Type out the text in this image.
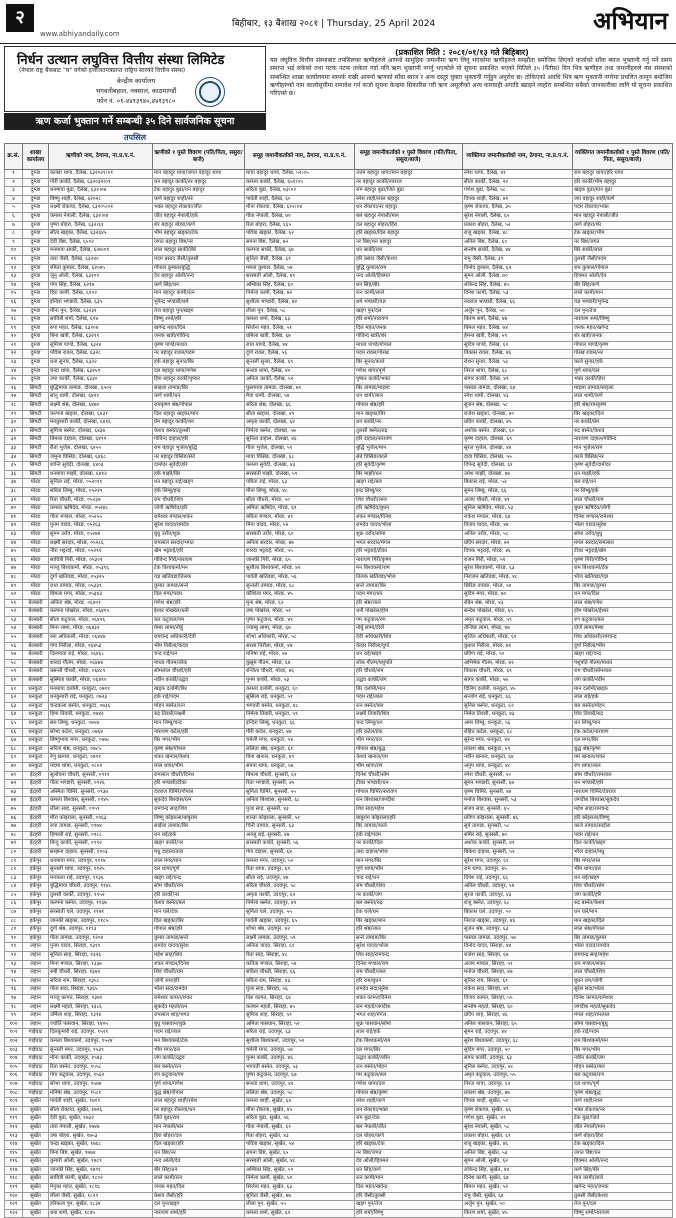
२
www.abhiyandaily.com
बिहीबार, १३ बैशाख २०८१ | Thursday, 25 April 2024	अभियान
निर्धन उत्थान लघुवित्त वित्तीय संस्था लिमिटेड
(नेपाल राष्ट्र बैंकबाट "घ" वर्गको इजाजतपत्रप्राप्त राष्ट्रिय स्तरको वित्तीय संस्था)
केन्द्रीय कार्यालय
भगवतीबहाल, नक्साल, काठमाण्डौं
फोन नं. ०१-४४१३९४०,४४१३९८०
(प्रकाशित मिति : २०८१/०१/१३ गते बिहिबार)
यस लघुवित्त वित्तीय संस्थाबाट तपसिलका ऋणीहरुले आफ्नो सामूहिक जमानीमा ऋण लिनु भएकोमा ऋणीहरुले सम्झौता बमोजिम लिएको कर्जाको साँवा ब्याज भुक्तानी गर्नु पर्ने समय समाप्त भई सकेको तथा पटक पटक ताकेता गर्दा पनि ऋण भुक्तानी नगर्नु भएकोले यो सूचना प्रकाशित भएको मितिले ३५ (पैंतीस) दिन भित्र ऋणीहरु तथा जमानीहरुले यस संस्थाको सम्बन्धित शाखा कार्यालयमा सम्पर्क राखी आफ्नो ऋणको साँवा ब्याज र अन्य दस्तुर चुक्ता भुक्तानी गर्नुहुन अनुरोध छ। तोकिएको अवधि भित्र ऋण भुक्तानी नगरेमा प्रचलित कानून बमोजिम ऋणीहरुको नाम कालोसूचीमा समावेश गर्न कर्जा सूचना केन्द्रमा सिफारिस गरी ऋण असूलीको अन्य कारवाही अगाडि बढाइने व्यहोरा सम्बन्धित सबैको जानकारीका लागि यो सूचना प्रकाशित गरिएको छ।
ऋण कर्जा भुक्तान गर्ने सम्बन्धी ३५ दिने सार्वजनिक सूचना
तपसिल
क्र.सं.	शाखा कार्यालय	ऋणीको नाम, ठेगाना, ना.प्र.प.नं.	ऋणीको १ पुस्ते विवरण (पति/पिता, ससुरा/बाजे)	समूह जमानीकर्ताको नाम, ठेगाना, ना.प्र.प.नं.	समूह जमानीकर्ताको १ पुस्ते विवरण (पति/पिता, ससुरा/बाजे)	व्यक्तिगत जमानीकर्ताको नाम, ठेगाना, ना.प्र.प.नं.	व्यक्तिगत जमानीकर्ताको १ पुस्ते विवरण (पति/पिता, ससुरा/बाजे)
१	दुम्जा	कान्छा थापा, दैलेख, ६३२०२१।०१	मान बहादुर थापा/जगत बहादुर थापा	माया बहादुर थापा, दैलेख, ५२।०५	उत्तम बहादुर थापा/मान बहादुर	रमेश थापा, दैलेख, ४१	राम बहादुर थापा/हरि थापा
२	दुम्जा	गोरी कार्की, दैलेख, ६३२०३२।०१	धन बहादुर कार्की/नर बहादुर	कमला कार्की, दैलेख, ६५१।०५	नर बहादुर कार्की/नवराज	सीता कार्की, दैलेख, २२	हरि कार्की/भीम बहादुर
३	दुम्जा	धनमाया बुढा, दैलेख, ६३२।०७	टेक बहादुर बुढा/धन बहादुर	सरिता बुढा, दैलेख, ७३।०२	राम बहादुर बुढा/जिते बुढा	गणेश बुढा, दैलेख, ५८	खड्क बुढा/मान बुढा
४	दुम्जा	बिष्णु शाही, दैलेख, ६२०२८	कर्ण बहादुर शाही/नरे	पार्वती शाही, दैलेख, ६०	रमेश शाही/लाल बहादुर	दिपक शाही, दैलेख, ७१	जय बहादुर शाही/कर्ण
५	दुम्जा	लक्ष्मी रोकाया, दैलेख, ६३१०५।०१	भक्त बहादुर रोकाया/जीत	मीना रोकाया, दैलेख, ६१२।०४	धन रोकाया/नर बहादुर	कृष्ण रोकाया, दैलेख, ३५	पदम रोकाया/भक्त
६	दुम्जा	कमला नेपाली, दैलेख, ६३२।०४	जीत बहादुर नेपाली/हर्क	गीता नेपाली, दैलेख, ७०	बल बहादुर नेपाली/मान	सुरेश नेपाली, दैलेख, ६५	मान बहादुर नेपाली/जीत
७	दुम्जा	पुष्पा बोहरा, दैलेख, ६३२।६१	शेर बहादुर बोहरा/कर्ण	रिता बोहरा, दैलेख, ६६५	दल बहादुर बोहरा/हिरा	प्रकाश बोहरा, दैलेख, ५२	कर्ण बोहरा/शेर
८	दुम्जा	सीता खड्का, दैलेख, ६३२६४५	भीम बहादुर खड्का/टेक	पवित्रा खड्का, दैलेख, ६२	हरि खड्का/दिल बहादुर	राजु खड्का, दैलेख, ४८	टेक खड्का/भीम
९	दुम्जा	देवी बिष्ट, दैलेख, ६५१२	जगत बहादुर बिष्ट/नर	सपना बिष्ट, दैलेख, ७२	नर बिष्ट/धन बहादुर	अनिल बिष्ट, दैलेख, ६०	नर बिष्ट/जगत
१०	दुम्जा	मनमाया सार्की, दैलेख, ६२७।०१	लाल बहादुर सार्की/बिरे	कल्पना सार्की, दैलेख, ६७	धन सार्की/राम	सन्तोष सार्की, दैलेख, ४४	बिरे सार्की/लाल
११	दुम्जा	तारा जैसी, दैलेख, ६३२४०	पदम प्रसाद जैसी/तुलसी	सुनिता जैसी, दैलेख, ६१	हरि प्रसाद जैसी/केशव	रामु जैसी, दैलेख, ३९	तुलसी जैसी/पदम
१२	दुम्जा	रमिता कुमाल, दैलेख, ६२०४५	गोपाल कुमाल/बुद्धि	ममता कुमाल, दैलेख, ५४	बुद्धि कुमाल/राम	विनोद कुमाल, दैलेख, ६२	राम कुमाल/गोपाल
१३	दुम्जा	जुनु ओली, दैलेख, ६३२०९	देव बहादुर ओली/नन्द	सरस्वती ओली, दैलेख, ४१	नन्द ओली/हिक्मत	सुमन ओली, दैलेख, ७०	हिक्मत ओली/देव
१४	दुम्जा	गंगा सिंह, दैलेख, ६२१७	कर्ण सिंह/धन	अम्बिका सिंह, दैलेख, ६०	धन सिंह/बीर	लोकेन्द्र सिंह, दैलेख, ४५	बीर सिंह/कर्ण
१५	दुम्जा	हिरा कामी, दैलेख, ६१०२	मान बहादुर कामी/रत्न	निर्मला कामी, दैलेख, ७२	रत्न कामी/लाले	दिनेश कामी, दैलेख, ५३	लाले कामी/मान
१६	दुम्जा	इन्दिरा भण्डारी, दैलेख, ६३५	भुपेन्द्र भण्डारी/धर्म	सुशीला भण्डारी, दैलेख, ४२	धर्म भण्डारी/यज्ञ	नवराज भण्डारी, दैलेख, ६६	यज्ञ भण्डारी/भुपेन्द्र
१७	दुम्जा	मीना पुन, दैलेख, ६३२३१	तेज बहादुर पुन/खड्ग	लीला पुन, दैलेख, ५८	खड्ग पुन/दल	अर्जुन पुन, दैलेख, ५०	दल पुन/तेज
१८	दुम्जा	सावित्री शर्मा, दैलेख, ६१४	विष्णु शर्मा/हरि	कमला शर्मा, दैलेख, ६३	हरि शर्मा/नारायण	किरण शर्मा, दैलेख, ४७	नारायण शर्मा/विष्णु
१९	दुम्जा	रुपा महत, दैलेख, ६३२०४	खगेन्द्र महत/दिल	सिर्जना महत, दैलेख, ५१	दिल महत/जनक	बिमल महत, दैलेख, ७४	जनक महत/खगेन्द्र
२०	दुम्जा	बिना खत्री, दैलेख, ६३२११	जनक खत्री/गोविन्द	प्रमिला खत्री, दैलेख, ६७	गोविन्द खत्री/शेर	हेमन्त खत्री, दैलेख, ५९	शेर खत्री/जनक
२१	दुम्जा	सुमित्रा पाण्डे, दैलेख, ६३२४	कृष्ण पाण्डे/माधव	राधा पाण्डे, दैलेख, ४४	माधव पाण्डे/गोपाल	सुदिप पाण्डे, दैलेख, ६१	गोपाल पाण्डे/कृष्ण
२२	दुम्जा	पवित्रा रावल, दैलेख, ६३२८	नर बहादुर रावल/पदम	दुर्गा रावल, दैलेख, ५६	पदम रावल/गोरख	विकास रावल, दैलेख, ४६	गोरख रावल/नर
२३	दुम्जा	धना सुनार, दैलेख, ६३२२	हर्क बहादुर सुनार/बिर	सुन्तली सुनार, दैलेख, ६९	बिर सुनार/काले	रोशन सुनार, दैलेख, ५३	काले सुनार/हर्क
२४	दुम्जा	चन्द्रा थापा, दैलेख, ६३२५९	दल बहादुर थापा/गणेश	सन्ध्या थापा, दैलेख, ४०	गणेश थापा/पूर्ण	निरज थापा, दैलेख, ६८	पूर्ण थापा/दल
२५	दुम्जा	उमा कार्की, दैलेख, ६३३०	हिरा बहादुर कार्की/पुष्कर	अनिता कार्की, दैलेख, ५२	पुष्कर कार्की/भक्त	सागर कार्की, दैलेख, ४९	भक्त कार्की/हिरा
२६	सिंगटी	बुद्धिमाया तामाङ, दोलखा, ६५०२	साइला तामाङ/बिर	फुलमाया तामाङ, दोलखा, ७१	बिर तामाङ/माइला	पासाङ तामाङ, दोलखा, ६४	माइला तामाङ/साइला
२७	सिंगटी	सानु थामी, दोलखा, ६४२१	कर्ण थामी/धन	मैया थामी, दोलखा, ५४	धन थामी/लाल	रमेश थामी, दोलखा, ४३	लाल थामी/कर्ण
२८	सिंगटी	लक्ष्मी श्रेष्ठ, दोलखा, ६४७०	रामकृष्ण श्रेष्ठ/गोपाल	सरिता श्रेष्ठ, दोलखा, ६६	गोपाल श्रेष्ठ/हरि	सुजन श्रेष्ठ, दोलखा, ५८	हरि श्रेष्ठ/रामकृष्ण
२९	सिंगटी	कल्पना खड्का, दोलखा, ६४३१	दिल बहादुर खड्का/मान	सीता खड्का, दोलखा, ४९	मान खड्का/बिर	राजेश खड्का, दोलखा, ७०	बिर खड्का/दिल
३०	सिंगटी	मनकुमारी कार्की, दोलखा, ६४१६	प्रेम बहादुर कार्की/धन	अमृता कार्की, दोलखा, ६२	धन कार्की/नर	प्रविन कार्की, दोलखा, ४५	नर कार्की/प्रेम
३१	सिंगटी	सुमित्रा बस्नेत, दोलखा, ६४३७	केशव बस्नेत/तुलसी	निर्मला बस्नेत, दोलखा, ५७	तुलसी बस्नेत/रुद्र	अशोक बस्नेत, दोलखा, ६०	रुद्र बस्नेत/केशव
३२	सिंगटी	बिमला दाहाल, दोलखा, ६४९९	गोविन्द दाहाल/हरि	सुनिता दाहाल, दोलखा, ४६	हरि दाहाल/नारायण	कृष्ण दाहाल, दोलखा, ६९	नारायण दाहाल/गोविन्द
३३	सिंगटी	रीता भुजेल, दोलखा, ६४५५	राम बहादुर भुजेल/बुद्धि	गीता भुजेल, दोलखा, ५१	बुद्धि भुजेल/मान	सुरज भुजेल, दोलखा, ४४	मान भुजेल/राम
३४	सिंगटी	जमुना घिसिङ, दोलखा, ६४६८	नर बहादुर घिसिङ/सेते	माया घिसिङ, दोलखा, ६८	सेते घिसिङ/काले	दावा घिसिङ, दोलखा, ५५	काले घिसिङ/नर
३५	सिंगटी	शान्ति सुवेदी, दोलखा, ६४०३	दामोदर सुवेदी/हरि	कमला सुवेदी, दोलखा, ४३	हरि सुवेदी/कृष्ण	दिपेन्द्र सुवेदी, दोलखा, ६१	कृष्ण सुवेदी/दामोदर
३६	सिंगटी	धनमाया माझी, दोलखा, ६४१२	हर्क माझी/बिर	सरस्वती माझी, दोलखा, ५९	बिर माझी/धन	उमेश माझी, दोलखा, ४७	धन माझी/हर्क
३७	मोरङ	सुनिता राई, मोरङ, ०५२०११	धन बहादुर राई/खड्ग	पबिता राई, मोरङ, ६३	खड्ग राई/बल	बिकास राई, मोरङ, ५२	बल राई/धन
३८	मोरङ	सरिता लिम्बु, मोरङ, ०५२२९	हर्क लिम्बु/इन्द्र	मीना लिम्बु, मोरङ, ४८	इन्द्र लिम्बु/नर	सुमन लिम्बु, मोरङ, ६६	नर लिम्बु/हर्क
३९	मोरङ	रिता चौधरी, मोरङ, ०५२३७	राम चौधरी/शिव	सीता चौधरी, मोरङ, ५०	शिव चौधरी/लाल	अजय चौधरी, मोरङ, ४९	लाल चौधरी/राम
४०	मोरङ	कमला ऋषिदेव, मोरङ, ०५२४८	जोगी ऋषिदेव/हरि	अमिता ऋषिदेव, मोरङ, ६९	हरि ऋषिदेव/बुधन	सुनिल ऋषिदेव, मोरङ, ५३	बुधन ऋषिदेव/जोगी
४१	मोरङ	गीता मण्डल, मोरङ, ०५२५५	रामेश्वर मण्डल/शंकर	बबिता मण्डल, मोरङ, ४१	शंकर मण्डल/दिनेश	राकेश मण्डल, मोरङ, ६७	दिनेश मण्डल/रामेश्वर
४२	मोरङ	पुनम यादव, मोरङ, ०५२६३	सुरेश यादव/रामदेव	मिना यादव, मोरङ, ५४	रामदेव यादव/भोला	विजय यादव, मोरङ, ४४	भोला यादव/सुरेश
४३	मोरङ	सुमन उराँव, मोरङ, ०५२७४	बुधु उराँव/शुक्र	सरस्वती उराँव, मोरङ, ६०	शुक्र उराँव/सोमा	अनिल उराँव, मोरङ, ५८	सोमा उराँव/बुधु
४४	मोरङ	लक्ष्मी सरदार, मोरङ, ०५२८६	रामलाल सरदार/भगत	अनिता सरदार, मोरङ, ४७	भगत सरदार/मंगल	प्रदिप सरदार, मोरङ, ७२	मंगल सरदार/रामलाल
४५	मोरङ	नीरा भट्टराई, मोरङ, ०५२९१	खेम भट्टराई/हरि	शारदा भट्टराई, मोरङ, ५५	हरि भट्टराई/टीका	दिपक भट्टराई, मोरङ, ४६	टीका भट्टराई/खेम
४६	मोरङ	सावित्री गिरी, मोरङ, ०५३०२	गोविन्द गिरी/नारायण	जानकी गिरी, मोरङ, ६५	नारायण गिरी/कृष्ण	राजन गिरी, मोरङ, ५१	कृष्ण गिरी/गोविन्द
४७	मोरङ	मञ्जु बिश्वकर्मा, मोरङ, ०५३१६	टेक बिश्वकर्मा/मन	सुशीला बिश्वकर्मा, मोरङ, ४२	मन बिश्वकर्मा/राम	सुरेश बिश्वकर्मा, मोरङ, ६३	राम बिश्वकर्मा/टेक
४८	मोरङ	दुर्गा खतिवडा, मोरङ, ०५३२५	यज्ञ खतिवडा/तिलक	पार्वती खतिवडा, मोरङ, ५६	तिलक खतिवडा/भोज	निराजन खतिवडा, मोरङ, ४८	भोज खतिवडा/यज्ञ
४९	मोरङ	राधा तामाङ, मोरङ, ०५३३९	कुमार तामाङ/सन्ते	सुन्तली तामाङ, मोरङ, ६८	सन्ते तामाङ/बिर	छिरिङ तामाङ, मोरङ, ५४	बिर तामाङ/कुमार
५०	मोरङ	बिमला मगर, मोरङ, ०५३४३	दिल मगर/पदम	कौशिला मगर, मोरङ, ४५	पदम मगर/धन	सुदिप मगर, मोरङ, ७०	धन मगर/दिल
५१	बेलबारी	अनिता श्रेष्ठ, मोरङ, ०६४०१	गणेश श्रेष्ठ/हरि	मुना श्रेष्ठ, मोरङ, ६२	हरि श्रेष्ठ/लाल	रबिन श्रेष्ठ, मोरङ, ४३	लाल श्रेष्ठ/गणेश
५२	बेलबारी	कल्पना पोखरेल, मोरङ, ०६४१५	ईश्वर पोखरेल/धनी	उषा पोखरेल, मोरङ, ५२	धनी पोखरेल/होम	सन्देश पोखरेल, मोरङ, ६५	होम पोखरेल/ईश्वर
५३	बेलबारी	सीता कटुवाल, मोरङ, ०६४२६	बल कटुवाल/गम	पुष्पा कटुवाल, मोरङ, ४९	गम कटुवाल/रण	अमृत कटुवाल, मोरङ, ५९	रण कटुवाल/बल
५४	बेलबारी	मिना लामा, मोरङ, ०६४३२	पेम्बा लामा/नोर्बु	ज्याम्बु लामा, मोरङ, ६७	नोर्बु लामा/दोर्जे	तेन्जिङ लामा, मोरङ, ४७	दोर्जे लामा/पेम्बा
५५	बेलबारी	रमा अधिकारी, मोरङ, ०६४४७	रामचन्द्र अधिकारी/देवी	शोभा अधिकारी, मोरङ, ५८	देवी अधिकारी/शिव	सुजित अधिकारी, मोरङ, ६१	शिव अधिकारी/रामचन्द्र
५६	बेलबारी	गंगा निरौला, मोरङ, ०६४५३	भीम निरौला/केदार	सरला निरौला, मोरङ, ४४	केदार निरौला/दुर्गा	कुशल निरौला, मोरङ, ७१	दुर्गा निरौला/भीम
५७	बेलबारी	दिलमाया राई, मोरङ, ०६४६८	चन्द्र राई/धन	मनिषा राई, मोरङ, ५७	धन राई/खड्ग	प्रविण राई, मोरङ, ५०	खड्ग राई/चन्द्र
५८	बेलबारी	शारदा गौतम, मोरङ, ०६४७४	माधव गौतम/लोक	कुसुम गौतम, मोरङ, ६४	लोक गौतम/पशुपति	अभिषेक गौतम, मोरङ, ४२	पशुपति गौतम/माधव
५९	बेलबारी	बसन्ती चौधरी, मोरङ, ०६४८९	सोमलाल चौधरी/हरि	रन्जिता चौधरी, मोरङ, ४६	हरि चौधरी/राम	विकास चौधरी, मोरङ, ६९	राम चौधरी/सोमलाल
६०	बेलबारी	सुस्मिता कार्की, मोरङ, ०६४९०	नवीन कार्की/उद्धव	पुनम कार्की, मोरङ, ५३	उद्धव कार्की/जंग	सागर कार्की, मोरङ, ५७	जंग कार्की/नवीन
६१	धनकुटा	मनमाया दर्लामी, धनकुटा, ०७११	खड्क दर्लामी/बिर	कमला दर्लामी, धनकुटा, ६०	बिर दर्लामी/मान	दिलिप दर्लामी, धनकुटा, ४५	मान दर्लामी/खड्क
६२	धनकुटा	धनकुमारी राई, धनकुटा, ०७२३	हर्क राई/पदम	सुसिला राई, धनकुटा, ५१	पदम राई/लाल	सन्जोग राई, धनकुटा, ६६	लाल राई/हर्क
६३	धनकुटा	चन्द्रकला बस्नेत, धनकुटा, ०७३६	मोहन बस्नेत/रत्न	भगवती बस्नेत, धनकुटा, ४८	रत्न बस्नेत/बल	सुनिल बस्नेत, धनकुटा, ६२	बल बस्नेत/मोहन
६४	धनकुटा	हिमा तिवारी, धनकुटा, ०७४२	रुद्र तिवारी/लक्ष्मी	निर्मला तिवारी, धनकुटा, ५९	लक्ष्मी तिवारी/शिव	निर्मल तिवारी, धनकुटा, ४३	शिव तिवारी/रुद्र
६५	धनकुटा	सरु लिम्बु, धनकुटा, ०७५७	मान लिम्बु/चन्द्र	इन्दिरा लिम्बु, धनकुटा, ६६	चन्द्र लिम्बु/धन	अमर लिम्बु, धनकुटा, ५६	धन लिम्बु/मान
६६	धनकुटा	सोभा कटेल, धनकुटा, ०७६४	नारायण कटेल/हरि	गौरी कटेल, धनकुटा, ४७	हरि कटेल/टंक	रोहित कटेल, धनकुटा, ६८	टंक कटेल/नारायण
६७	धनकुटा	बिष्णुमाया मगर, धनकुटा, ०७७८	बिर मगर/भीम	चमेली मगर, धनकुटा, ५४	भीम मगर/दल	सुरेन्द्र मगर, धनकुटा, ४४	दल मगर/बिर
६८	धनकुटा	सरिता श्रेष्ठ, धनकुटा, ०७८५	कृष्ण श्रेष्ठ/गोपाल	ललिता श्रेष्ठ, धनकुटा, ६१	गोपाल श्रेष्ठ/बुद्ध	प्रकाश श्रेष्ठ, धनकुटा, ५९	बुद्ध श्रेष्ठ/कृष्ण
६९	धनकुटा	रेणु खनाल, धनकुटा, ०७९१	शंकर खनाल/केशव	बिना खनाल, धनकुटा, ४९	केशव खनाल/यम	नवीन खनाल, धनकुटा, ६४	यम खनाल/शंकर
७०	धनकुटा	पदमा थापा, धनकुटा, ०८०२	लाल थापा/भीम	सपना थापा, धनकुटा, ५७	भीम थापा/रण	अनुप थापा, धनकुटा, ४८	रण थापा/लाल
७१	ईटहरी	सुलोचना चौधरी, सुनसरी, ०९११	रामलाल चौधरी/दिनेश	बिमला चौधरी, सुनसरी, ६२	दिनेश चौधरी/सोम	रमेश चौधरी, सुनसरी, ५०	सोम चौधरी/रामलाल
७२	ईटहरी	गीता भण्डारी, सुनसरी, ०९२६	हरि भण्डारी/टीका	रिता भण्डारी, सुनसरी, ४५	टीका भण्डारी/धन	सुमन भण्डारी, सुनसरी, ६७	धन भण्डारी/हरि
७३	ईटहरी	अस्मिता घिमिरे, सुनसरी, ०९३७	देवराज घिमिरे/गोपाल	सुनिता घिमिरे, सुनसरी, ५५	गोपाल घिमिरे/नारायण	कृष्ण घिमिरे, सुनसरी, ४७	नारायण घिमिरे/देवराज
७४	ईटहरी	कमला बिश्वास, सुनसरी, ०९४५	सुकदेव बिश्वास/रत्न	अनिता बिश्वास, सुनसरी, ६८	रत्न बिश्वास/जगदीश	मनोज बिश्वास, सुनसरी, ५३	जगदीश बिश्वास/सुकदेव
७५	ईटहरी	लीला साह, सुनसरी, ०९५९	रामचन्द्र साह/शिव	पुजा साह, सुनसरी, ४३	शिव साह/महेश	संजय साह, सुनसरी, ६५	महेश साह/रामचन्द्र
७६	ईटहरी	मीरा कोइराला, सुनसरी, ०९६३	विष्णु कोइराला/बाबुराम	शान्ता कोइराला, सुनसरी, ५१	बाबुराम कोइराला/हरि	प्रविण कोइराला, सुनसरी, ४६	हरि कोइराला/विष्णु
७७	ईटहरी	रुपा तामाङ, सुनसरी, ०९७४	साइँला तामाङ/बिर	चिनी तामाङ, सुनसरी, ६३	बिर तामाङ/काले	सुर्य तामाङ, सुनसरी, ५८	काले तामाङ/साइँला
७८	ईटहरी	हिमाली राई, सुनसरी, ०९८८	धन राई/हर्क	अञ्जु राई, सुनसरी, ४४	हर्क राई/पदम	समिर राई, सुनसरी, ७०	पदम राई/धन
७९	ईटहरी	बिन्दु कार्की, सुनसरी, ०९९२	खड्ग कार्की/नर	सरस्वती कार्की, सुनसरी, ५६	नर कार्की/दिल	अशोक कार्की, सुनसरी, ४९	दिल कार्की/खड्ग
८०	ईटहरी	सम्झना दाहाल, सुनसरी, १००३	मधु दाहाल/तारा	गंगा दाहाल, सुनसरी, ६४	तारा दाहाल/भोज	बिकेश दाहाल, सुनसरी, ५२	भोज दाहाल/मधु
८१	हर्कपुर	धनमाया मगर, उदयपुर, १११४	लाल मगर/मान	कमला मगर, उदयपुर, ५०	मान मगर/बिर	सुरेश मगर, उदयपुर, ६१	बिर मगर/लाल
८२	हर्कपुर	सुन्तली थापा, उदयपुर, ११२५	दल थापा/पूर्ण	रिता थापा, उदयपुर, ६९	पूर्ण थापा/भीम	राम थापा, उदयपुर, ४५	भीम थापा/दल
८३	हर्कपुर	मनकला राई, उदयपुर, ११३६	खड्ग राई/चन्द्र	सीता राई, उदयपुर, ४७	चन्द्र राई/धन	दिपेश राई, उदयपुर, ६६	धन राई/खड्ग
८४	हर्कपुर	बुद्धिमाया चौधरी, उदयपुर, ११४८	सोम चौधरी/राम	सरिता चौधरी, उदयपुर, ५८	राम चौधरी/शिव	अनिल चौधरी, उदयपुर, ५४	शिव चौधरी/सोम
८५	हर्कपुर	तुलसी कार्की, उदयपुर, ११५२	हरि कार्की/नर	अमृता कार्की, उदयपुर, ६२	नर कार्की/जंग	सुरज कार्की, उदयपुर, ४३	जंग कार्की/हरि
८६	हर्कपुर	कल्पना बस्नेत, उदयपुर, ११६७	केशव बस्नेत/बल	निर्मला बस्नेत, उदयपुर, ४९	बल बस्नेत/रुद्र	राजु बस्नेत, उदयपुर, ६८	रुद्र बस्नेत/केशव
८७	हर्कपुर	सरस्वती घले, उदयपुर, ११७१	मान घले/टेक	सुनिता घले, उदयपुर, ५५	टेक घले/धन	बिकास घले, उदयपुर, ५०	धन घले/मान
८८	हर्कपुर	जानकी खड्का, उदयपुर, ११८५	दिल खड्का/बिर	पार्वती खड्का, उदयपुर, ६५	बिर खड्का/मान	निराज खड्का, उदयपुर, ४६	मान खड्का/दिल
८९	हर्कपुर	दुर्गा श्रेष्ठ, उदयपुर, ११९३	गोपाल श्रेष्ठ/हरि	शोभा श्रेष्ठ, उदयपुर, ४२	हरि श्रेष्ठ/लाल	सुजन श्रेष्ठ, उदयपुर, ६३	लाल श्रेष्ठ/गोपाल
९०	हर्कपुर	गीता तामाङ, उदयपुर, १२०४	कुमार तामाङ/सन्ते	लक्ष्मी तामाङ, उदयपुर, ५९	सन्ते तामाङ/बिर	पासाङ तामाङ, उदयपुर, ५७	बिर तामाङ/कुमार
९१	लहान	पुनम यादव, सिराहा, १३११	रामदेव यादव/सुरेश	अनिता यादव, सिराहा, ६१	सुरेश यादव/भोला	विनोद यादव, सिराहा, ४४	भोला यादव/रामदेव
९२	लहान	सुनिता साह, सिराहा, १३२६	महेश साह/शिव	रिता साह, सिराहा, ४८	शिव साह/रामचन्द्र	राजेश साह, सिराहा, ६७	रामचन्द्र साह/महेश
९३	लहान	मिना मण्डल, सिराहा, १३३७	शंकर मण्डल/दिनेश	कविता मण्डल, सिराहा, ५४	दिनेश मण्डल/राम	अजय मण्डल, सिराहा, ५१	राम मण्डल/शंकर
९४	लहान	रुबी चौधरी, सिराहा, १३४२	शिव चौधरी/राम	सविता चौधरी, सिराहा, ६६	राम चौधरी/लाल	मनोज चौधरी, सिराहा, ४७	लाल चौधरी/शिव
९५	लहान	सरिता राम, सिराहा, १३५८	जोगी राम/हरि	बबिता राम, सिराहा, ४३	हरि राम/बुधन	सुनिल राम, सिराहा, ६९	बुधन राम/जोगी
९६	लहान	गीता सदा, सिराहा, १३६५	भोला सदा/रामदेव	पुजा सदा, सिराहा, ५६	रामदेव सदा/सुरेश	राकेश सदा, सिराहा, ४९	सुरेश सदा/भोला
९७	लहान	मञ्जु कामत, सिराहा, १३७१	रामेश्वर कामत/शंकर	निरु कामत, सिराहा, ६४	शंकर कामत/दिनेश	विजय कामत, सिराहा, ५५	दिनेश कामत/रामेश्वर
९८	लहान	लक्ष्मी महतो, सिराहा, १३८६	सुकदेव महतो/रत्न	कञ्चन महतो, सिराहा, ४५	रत्न महतो/जगदीश	सन्तोष महतो, सिराहा, ६०	जगदीश महतो/सुकदेव
९९	लहान	उर्मिला शाह, सिराहा, १३९४	रामलाल शाह/भगत	सुमित्रा शाह, सिराहा, ५९	भगत शाह/मंगल	प्रदिप शाह, सिराहा, ४६	मंगल शाह/रामलाल
१००	लहान	ज्योति पासवान, सिराहा, १४०५	बुधु पासवान/शुक्र	अमिता पासवान, सिराहा, ५२	शुक्र पासवान/सोमा	अनिल पासवान, सिराहा, ६५	सोमा पासवान/बुधु
१०१	गाईघाट	दिलकुमारी राई, उदयपुर, १५११	पदम राई/लाल	सरिता राई, उदयपुर, ६३	लाल राई/हर्क	सुमन राई, उदयपुर, ४४	हर्क राई/पदम
१०२	गाईघाट	कमला बिश्वकर्मा, उदयपुर, १५२४	मन बिश्वकर्मा/टेक	सुशीला बिश्वकर्मा, उदयपुर, ५०	टेक बिश्वकर्मा/राम	सुरेश बिश्वकर्मा, उदयपुर, ६८	राम बिश्वकर्मा/मन
१०३	गाईघाट	सुन्तली मगर, उदयपुर, १५३९	भीम मगर/दल	चमेली मगर, उदयपुर, ५७	दल मगर/बिर	सुदिप मगर, उदयपुर, ५०	बिर मगर/भीम
१०४	गाईघाट	मीना कार्की, उदयपुर, १५४३	जंग कार्की/उद्धव	पुनम कार्की, उदयपुर, ४६	उद्धव कार्की/नवीन	सागर कार्की, उदयपुर, ६३	नवीन कार्की/जंग
१०५	गाईघाट	रिता बस्नेत, उदयपुर, १५५८	बल बस्नेत/रत्न	भगवती बस्नेत, उदयपुर, ५३	रत्न बस्नेत/मोहन	सुनिल बस्नेत, उदयपुर, ४८	मोहन बस्नेत/बल
१०६	गाईघाट	गंगा कटुवाल, उदयपुर, १५६२	रण कटुवाल/गम	पुष्पा कटुवाल, उदयपुर, ६७	गम कटुवाल/बल	अमृत कटुवाल, उदयपुर, ५५	बल कटुवाल/रण
१०७	गाईघाट	सोभा थापा, उदयपुर, १५७७	पूर्ण थापा/गणेश	सन्ध्या थापा, उदयपुर, ४२	गणेश थापा/दल	निरज थापा, उदयपुर, ६२	दल थापा/पूर्ण
१०८	गाईघाट	मनिषा श्रेष्ठ, उदयपुर, १५८१	बुद्ध श्रेष्ठ/गोपाल	ललिता श्रेष्ठ, उदयपुर, ५८	गोपाल श्रेष्ठ/कृष्ण	प्रकाश श्रेष्ठ, उदयपुर, ४७	कृष्ण श्रेष्ठ/बुद्ध
१०९	सुर्खेत	पार्वती शाही, सुर्खेत, १७११	लाल बहादुर शाही/रमेश	कमला शाही, सुर्खेत, ६४	रमेश शाही/कर्ण	दिपक शाही, सुर्खेत, ५१	कर्ण शाही/लाल
११०	सुर्खेत	सीता रोकाया, सुर्खेत, १७२६	नर बहादुर रोकाया/धन	मीना रोकाया, सुर्खेत, ४५	धन रोकाया/भक्त	कृष्ण रोकाया, सुर्खेत, ६६	भक्त रोकाया/नर
१११	सुर्खेत	देवी बुढा, सुर्खेत, १७३२	जिते बुढा/राम	सरिता बुढा, सुर्खेत, ५६	राम बुढा/टेक	गणेश बुढा, सुर्खेत, ४९	टेक बुढा/जिते
११२	सुर्खेत	तारा नेपाली, सुर्खेत, १७४७	मान नेपाली/बल	गीता नेपाली, सुर्खेत, ६१	बल नेपाली/जीत	सुरेश नेपाली, सुर्खेत, ५८	जीत नेपाली/मान
११३	सुर्खेत	उषा बोहरा, सुर्खेत, १७५३	हिरा बोहरा/दल	रिता बोहरा, सुर्खेत, ४३	दल बोहरा/कर्ण	प्रकाश बोहरा, सुर्खेत, ६९	कर्ण बोहरा/हिरा
११४	सुर्खेत	चन्द्रा खड्का, सुर्खेत, १७६८	दिल खड्का/हरि	पवित्रा खड्का, सुर्खेत, ५४	हरि खड्का/टेक	राजु खड्का, सुर्खेत, ४६	टेक खड्का/दिल
११५	सुर्खेत	बिना बिष्ट, सुर्खेत, १७७४	धन बिष्ट/नर	सपना बिष्ट, सुर्खेत, ६५	नर बिष्ट/जगत	अनिल बिष्ट, सुर्खेत, ५३	जगत बिष्ट/धन
११६	सुर्खेत	कुमारी ओली, सुर्खेत, १७८९	नन्द ओली/देव	सरस्वती ओली, सुर्खेत, ४८	देव ओली/हिक्मत	सुमन ओली, सुर्खेत, ६२	हिक्मत ओली/नन्द
११७	सुर्खेत	जानकी सिंह, सुर्खेत, १७९१	बीर सिंह/धन	अम्बिका सिंह, सुर्खेत, ५९	धन सिंह/कर्ण	लोकेन्द्र सिंह, सुर्खेत, ४४	कर्ण सिंह/बीर
११८	सुर्खेत	सावित्री कामी, सुर्खेत, १८०२	लाले कामी/रत्न	निर्मला कामी, सुर्खेत, ५०	रत्न कामी/मान	दिनेश कामी, सुर्खेत, ६७	मान कामी/लाले
११९	सुर्खेत	मेनुका महत, सुर्खेत, १८१६	जनक महत/दिल	सिर्जना महत, सुर्खेत, ६३	दिल महत/खगेन्द्र	बिमल महत, सुर्खेत, ५२	खगेन्द्र महत/जनक
१२०	सुर्खेत	लीला जैसी, सुर्खेत, १८२९	केशव जैसी/हरि	सुनिता जैसी, सुर्खेत, ४७	हरि जैसी/तुलसी	रामु जैसी, सुर्खेत, ६४	तुलसी जैसी/केशव
१२१	सुर्खेत	हरिकला पुन, सुर्खेत, १८३४	दल पुन/खड्ग	लीला पुन, सुर्खेत, ५५	खड्ग पुन/तेज	अर्जुन पुन, सुर्खेत, ५०	तेज पुन/दल
१२२	सुर्खेत	धना शर्मा, सुर्खेत, १८४५	नारायण शर्मा/हरि	कमला शर्मा, सुर्खेत, ६२	हरि शर्मा/विष्णु	किरण शर्मा, सुर्खेत, ४५	विष्णु शर्मा/नारायण
